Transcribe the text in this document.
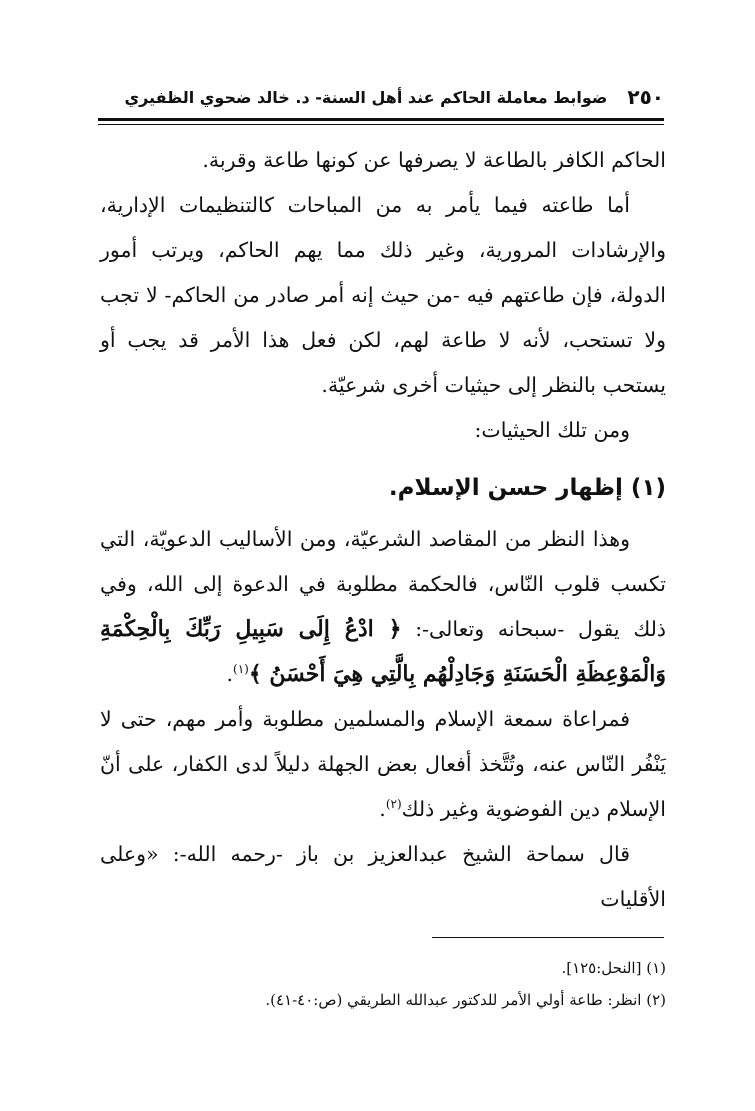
٢٥٠
ضوابط معاملة الحاكم عند أهل السنة- د. خالد ضحوي الظفيري

الحاكم الكافر بالطاعة لا يصرفها عن كونها طاعة وقربة.

أما طاعته فيما يأمر به من المباحات كالتنظيمات الإدارية، والإرشادات المرورية، وغير ذلك مما يهم الحاكم، ويرتب أمور الدولة، فإن طاعتهم فيه -من حيث إنه أمر صادر من الحاكم- لا تجب ولا تستحب، لأنه لا طاعة لهم، لكن فعل هذا الأمر قد يجب أو يستحب بالنظر إلى حيثيات أخرى شرعيّة.

ومن تلك الحيثيات:

(١) إظهار حسن الإسلام.

وهذا النظر من المقاصد الشرعيّة، ومن الأساليب الدعويّة، التي تكسب قلوب النّاس، فالحكمة مطلوبة في الدعوة إلى الله، وفي ذلك يقول -سبحانه وتعالى-: ﴿ ادْعُ إِلَى سَبِيلِ رَبِّكَ بِالْحِكْمَةِ وَالْمَوْعِظَةِ الْحَسَنَةِ وَجَادِلْهُم بِالَّتِي هِيَ أَحْسَنُ ﴾$^{(١)}$.

فمراعاة سمعة الإسلام والمسلمين مطلوبة وأمر مهم، حتى لا يَنْفُر النّاس عنه، وتُتَّخذ أفعال بعض الجهلة دليلاً لدى الكفار، على أنّ الإسلام دين الفوضوية وغير ذلك$^{(٢)}$.

قال سماحة الشيخ عبدالعزيز بن باز -رحمه الله-: «وعلى الأقليات

(١) [النحل:١٢٥].

(٢) انظر: طاعة أولي الأمر للدكتور عبدالله الطريقي (ص:٤٠-٤١).
